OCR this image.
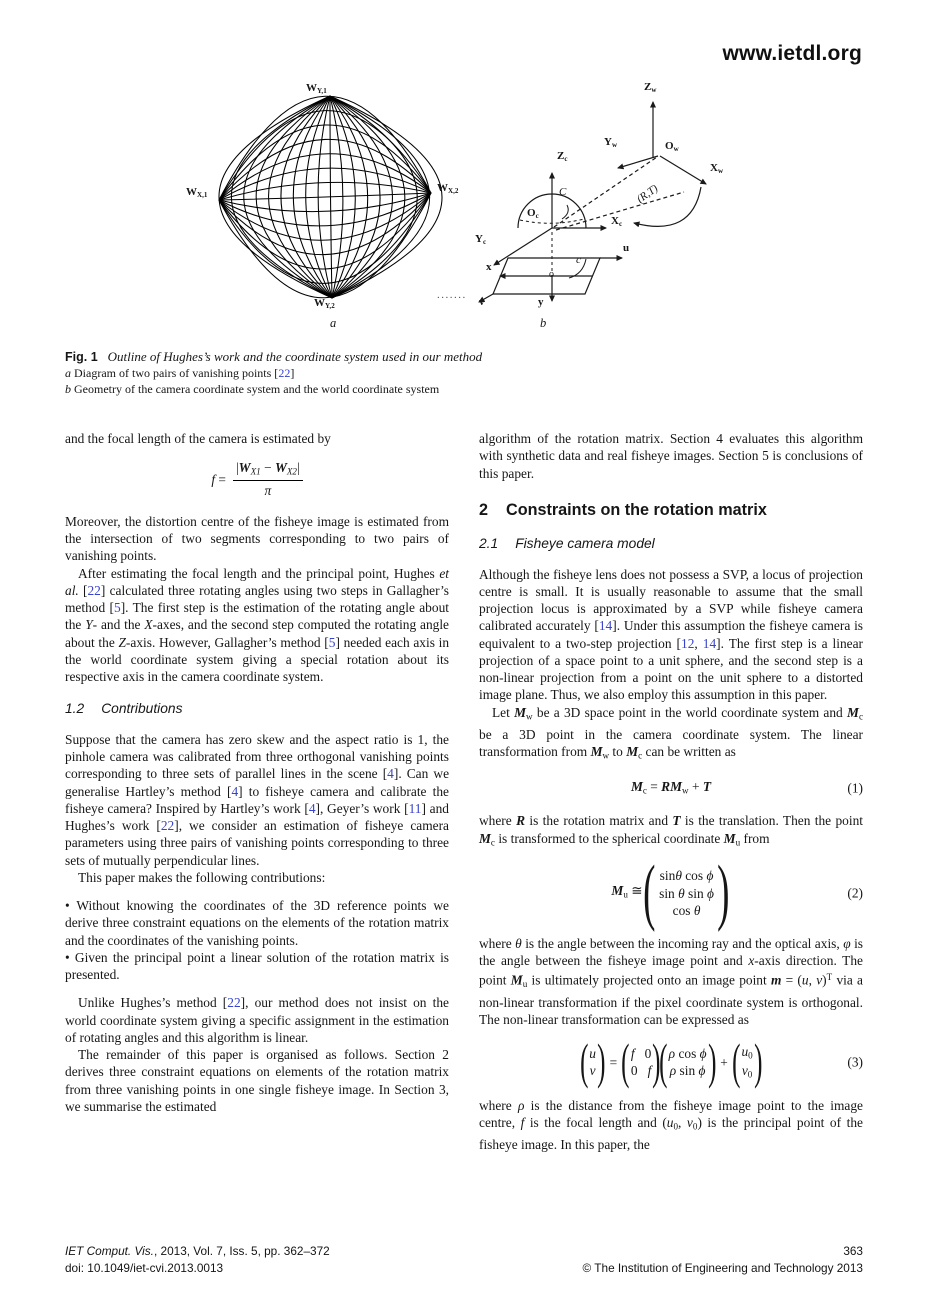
www.ietdl.org
WY,1
WX,2
WY,2
WX,1
a
.......
Zw
Yw	Ow
Xw
Zc
Oc	Xc
Yc
C
u
v
x
y
o
c
(R,T)
b
Fig. 1 Outline of Hughes’s work and the coordinate system used in our method
a Diagram of two pairs of vanishing points [22]
b Geometry of the camera coordinate system and the world coordinate system

and the focal length of the camera is estimated by

$f = \frac{|WX1 - WX2|}{\pi}$

Moreover, the distortion centre of the fisheye image is estimated from the intersection of two segments corresponding to two pairs of vanishing points.

After estimating the focal length and the principal point, Hughes et al. [22] calculated three rotating angles using two steps in Gallagher’s method [5]. The first step is the estimation of the rotating angle about the Y- and the X-axes, and the second step computed the rotating angle about the Z-axis. However, Gallagher’s method [5] needed each axis in the world coordinate system giving a special rotation about its respective axis in the camera coordinate system.

1.2 Contributions

Suppose that the camera has zero skew and the aspect ratio is 1, the pinhole camera was calibrated from three orthogonal vanishing points corresponding to three sets of parallel lines in the scene [4]. Can we generalise Hartley’s method [4] to fisheye camera and calibrate the fisheye camera? Inspired by Hartley’s work [4], Geyer’s work [11] and Hughes’s work [22], we consider an estimation of fisheye camera parameters using three pairs of vanishing points corresponding to three sets of mutually perpendicular lines.

This paper makes the following contributions:

• Without knowing the coordinates of the 3D reference points we derive three constraint equations on the elements of the rotation matrix and the coordinates of the vanishing points.

• Given the principal point a linear solution of the rotation matrix is presented.

Unlike Hughes’s method [22], our method does not insist on the world coordinate system giving a specific assignment in the estimation of rotating angles and this algorithm is linear.

The remainder of this paper is organised as follows. Section 2 derives three constraint equations on elements of the rotation matrix from three vanishing points in one single fisheye image. In Section 3, we summarise the estimated

algorithm of the rotation matrix. Section 4 evaluates this algorithm with synthetic data and real fisheye images. Section 5 is conclusions of this paper.

2 Constraints on the rotation matrix
2.1 Fisheye camera model

Although the fisheye lens does not possess a SVP, a locus of projection centre is small. It is usually reasonable to assume that the small projection locus is approximated by a SVP while fisheye camera calibrated accurately [14]. Under this assumption the fisheye camera is equivalent to a two-step projection [12, 14]. The first step is a linear projection of a space point to a unit sphere, and the second step is a non-linear projection from a point on the unit sphere to a distorted image plane. Thus, we also employ this assumption in this paper.

Let Mw be a 3D space point in the world coordinate system and Mc be a 3D point in the camera coordinate system. The linear transformation from Mw to Mc can be written as

Mc = RMw + T	(1)

where R is the rotation matrix and T is the translation. Then the point Mc is transformed to the spherical coordinate Mu from

Mu ≅ ( sinθ cos ϕ
sin θ sin ϕ
cos θ )	(2)

where θ is the angle between the incoming ray and the optical axis, φ is the angle between the fisheye image point and x-axis direction. The point Mu is ultimately projected onto an image point m = (u, v)$^T$ via a non-linear transformation if the pixel coordinate system is orthogonal. The non-linear transformation can be expressed as

( u
v ) = ( f   0
0   f )
( ρ cos ϕ
ρ sin ϕ ) + ( u0
v0 )	(3)

where ρ is the distance from the fisheye image point to the image centre, f is the focal length and (u0, v0) is the principal point of the fisheye image. In this paper, the

IET Comput. Vis., 2013, Vol. 7, Iss. 5, pp. 362–372
doi: 10.1049/iet-cvi.2013.0013
363
© The Institution of Engineering and Technology 2013
